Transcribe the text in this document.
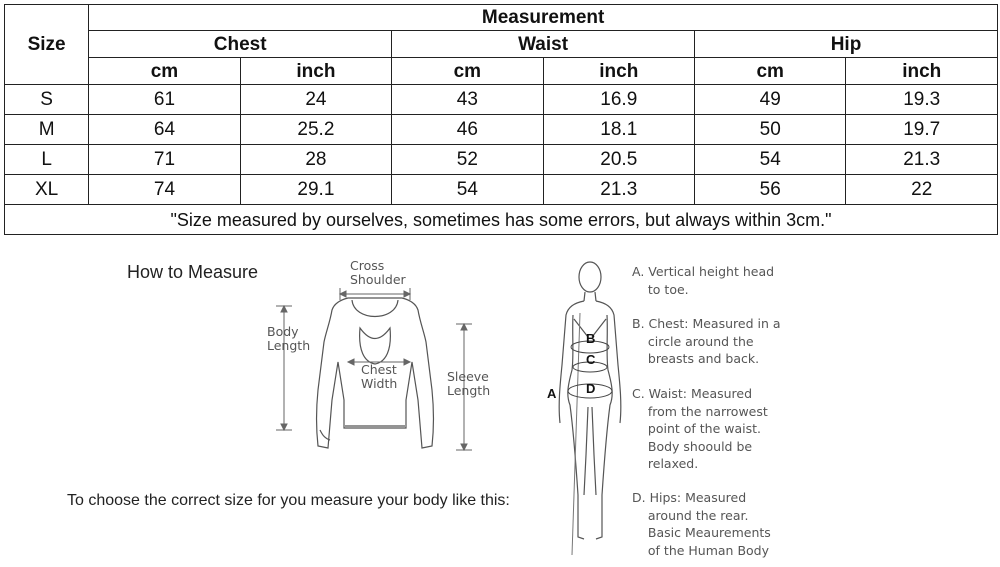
Size	Measurement					
	Chest		Waist		Hip	
	cm	inch	cm	inch	cm	inch
S	61	24	43	16.9	49	19.3
M	64	25.2	46	18.1	50	19.7
L	71	28	52	20.5	54	21.3
XL	74	29.1	54	21.3	56	22
"Size measured by ourselves, sometimes has some errors, but always within 3cm."						
How to Measure
To choose the correct size for you measure your body like this:
Cross
Shoulder
Body
Length
Chest
Width	Sleeve
Length	A
B
C
D
A. Vertical height head
to toe.
B. Chest: Measured in a
circle around the
breasts and back.
C. Waist: Measured
from the narrowest
point of the waist.
Body shoould be
relaxed.
D. Hips: Measured
around the rear.
Basic Meaurements
of the Human Body
